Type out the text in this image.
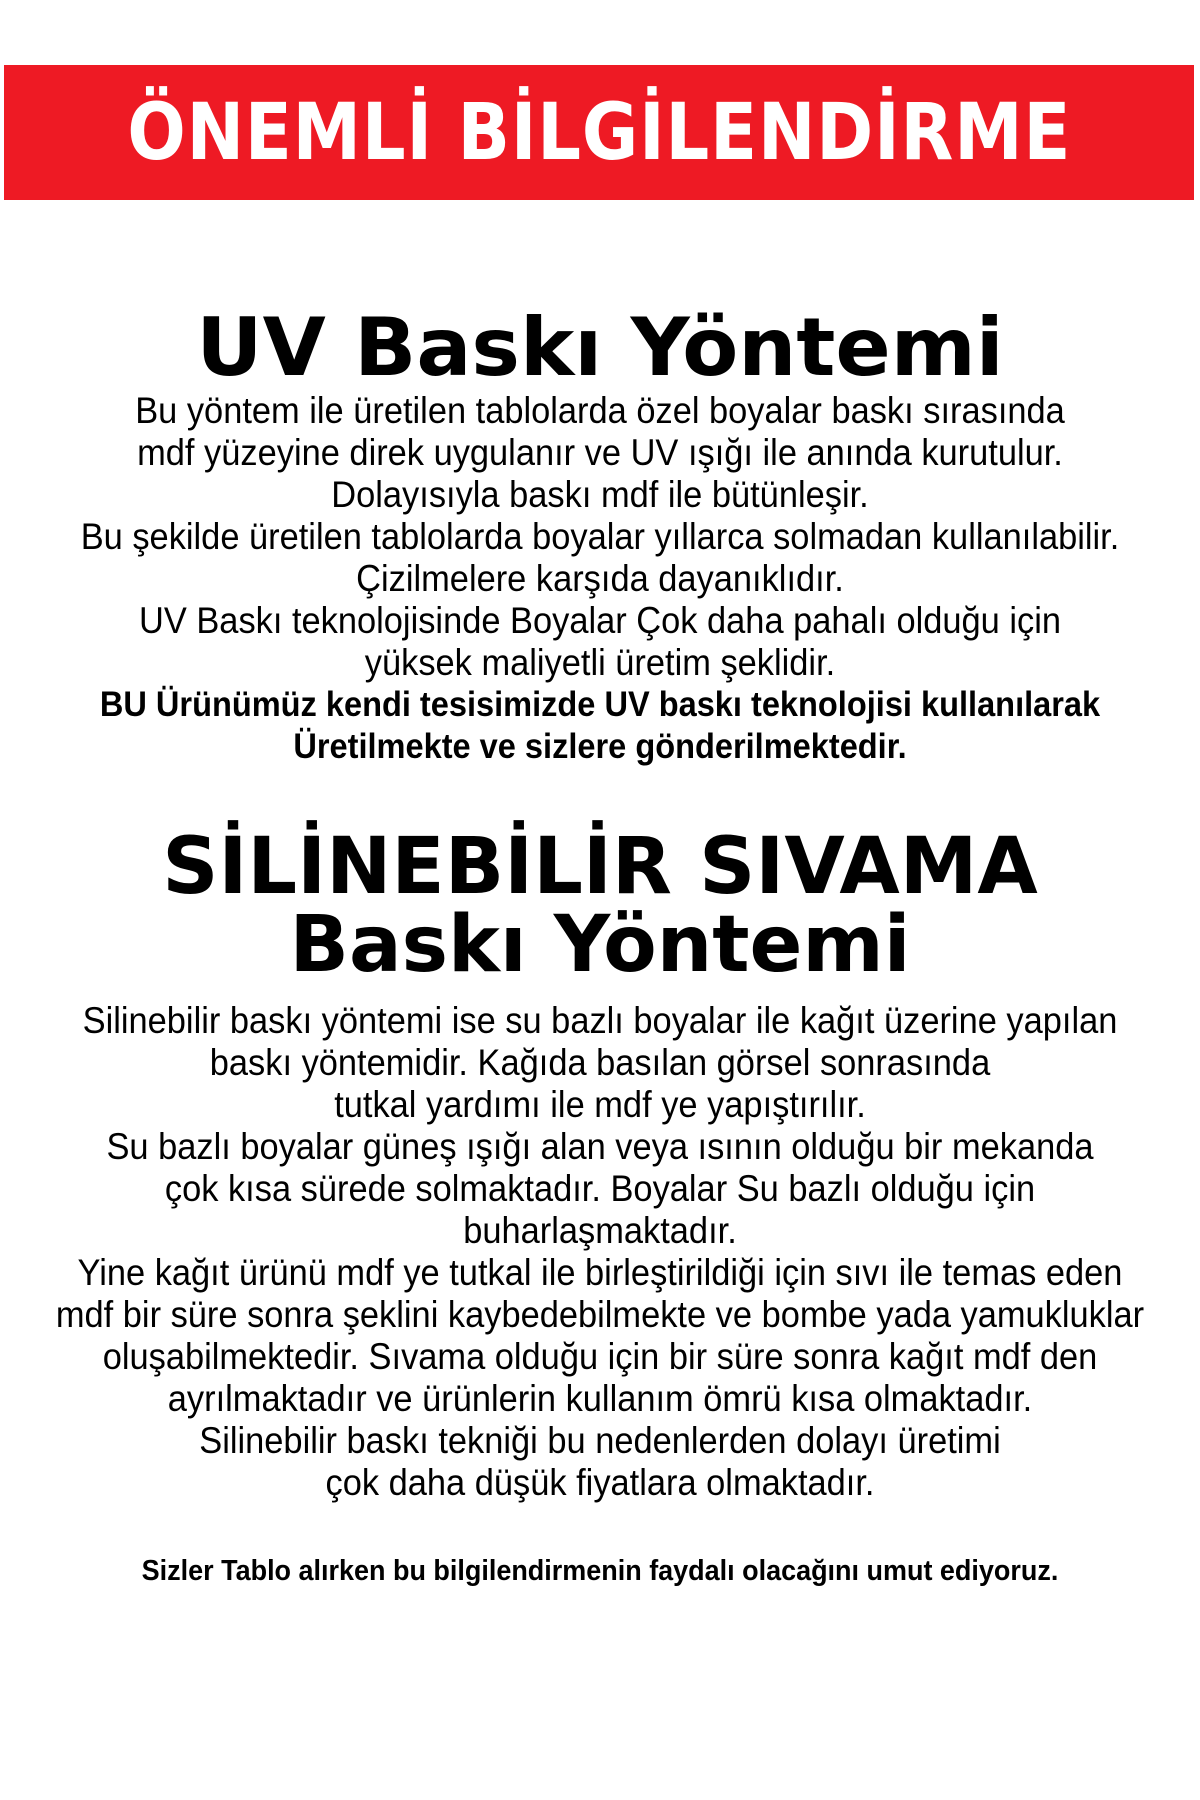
ÖNEMLİ BİLGİLENDİRME
UV Baskı Yöntemi
Bu yöntem ile üretilen tablolarda özel boyalar baskı sırasında
mdf yüzeyine direk uygulanır ve UV ışığı ile anında kurutulur.
Dolayısıyla baskı mdf ile bütünleşir.
Bu şekilde üretilen tablolarda boyalar yıllarca solmadan kullanılabilir.
Çizilmelere karşıda dayanıklıdır.
UV Baskı teknolojisinde Boyalar Çok daha pahalı olduğu için
yüksek maliyetli üretim şeklidir.
BU Ürünümüz kendi tesisimizde UV baskı teknolojisi kullanılarak
Üretilmekte ve sizlere gönderilmektedir.
SİLİNEBİLİR SIVAMA
Baskı Yöntemi
Silinebilir baskı yöntemi ise su bazlı boyalar ile kağıt üzerine yapılan
baskı yöntemidir. Kağıda basılan görsel sonrasında
tutkal yardımı ile mdf ye yapıştırılır.
Su bazlı boyalar güneş ışığı alan veya ısının olduğu bir mekanda
çok kısa sürede solmaktadır. Boyalar Su bazlı olduğu için
buharlaşmaktadır.
Yine kağıt ürünü mdf ye tutkal ile birleştirildiği için sıvı ile temas eden
mdf bir süre sonra şeklini kaybedebilmekte ve bombe yada yamukluklar
oluşabilmektedir. Sıvama olduğu için bir süre sonra kağıt mdf den
ayrılmaktadır ve ürünlerin kullanım ömrü kısa olmaktadır.
Silinebilir baskı tekniği bu nedenlerden dolayı üretimi
çok daha düşük fiyatlara olmaktadır.
Sizler Tablo alırken bu bilgilendirmenin faydalı olacağını umut ediyoruz.
